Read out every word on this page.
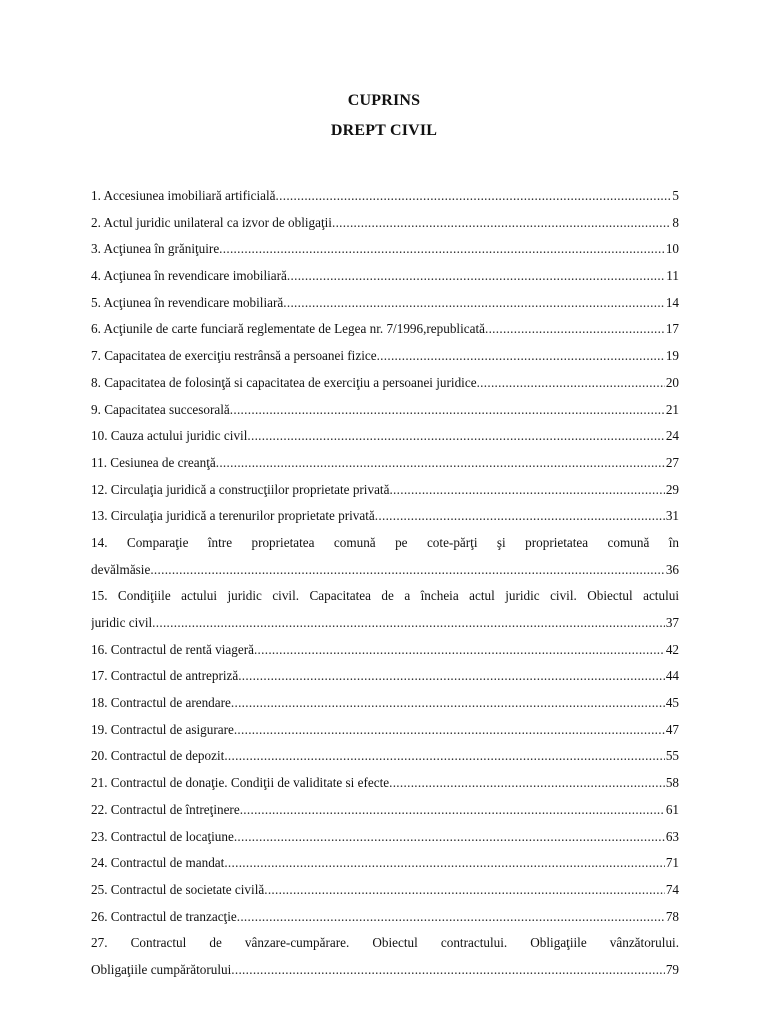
CUPRINS
DREPT CIVIL
1. Accesiunea imobiliară artificială .....	5
2. Actul juridic unilateral ca izvor de obligaţii .....	8
3. Acţiunea în grăniţuire .....	10
4. Acţiunea în revendicare imobiliară .....	11
5. Acţiunea în revendicare mobiliară .....	14
6. Acţiunile de carte funciară reglementate de Legea nr. 7/1996,republicată .....	17
7. Capacitatea de exerciţiu restrânsă a persoanei fizice .....	19
8. Capacitatea de folosinţă si capacitatea de exerciţiu a persoanei juridice .....	20
9. Capacitatea succesorală .....	21
10. Cauza actului juridic civil .....	24
11. Cesiunea de creanţă .....	27
12. Circulaţia juridică a construcţiilor proprietate privată .....	29
13. Circulaţia juridică a terenurilor proprietate privată .....	31
14. Comparaţie între proprietatea comună pe cote-părţi şi proprietatea comună în
devălmăsie .....	36
15. Condiţiile actului juridic civil. Capacitatea de a încheia actul juridic civil. Obiectul actului
juridic civil .....	37
16. Contractul de rentă viageră .....	42
17. Contractul de antrepriză .....	44
18. Contractul de arendare .....	45
19. Contractul de asigurare .....	47
20. Contractul de depozit .....	55
21. Contractul de donaţie. Condiţii de validitate si efecte .....	58
22. Contractul de întreţinere .....	61
23. Contractul de locaţiune .....	63
24. Contractul de mandat .....	71
25. Contractul de societate civilă .....	74
26. Contractul de tranzacţie .....	78
27. Contractul de vânzare-cumpărare. Obiectul contractului. Obligaţiile vânzătorului.
Obligaţiile cumpărătorului .....	79
